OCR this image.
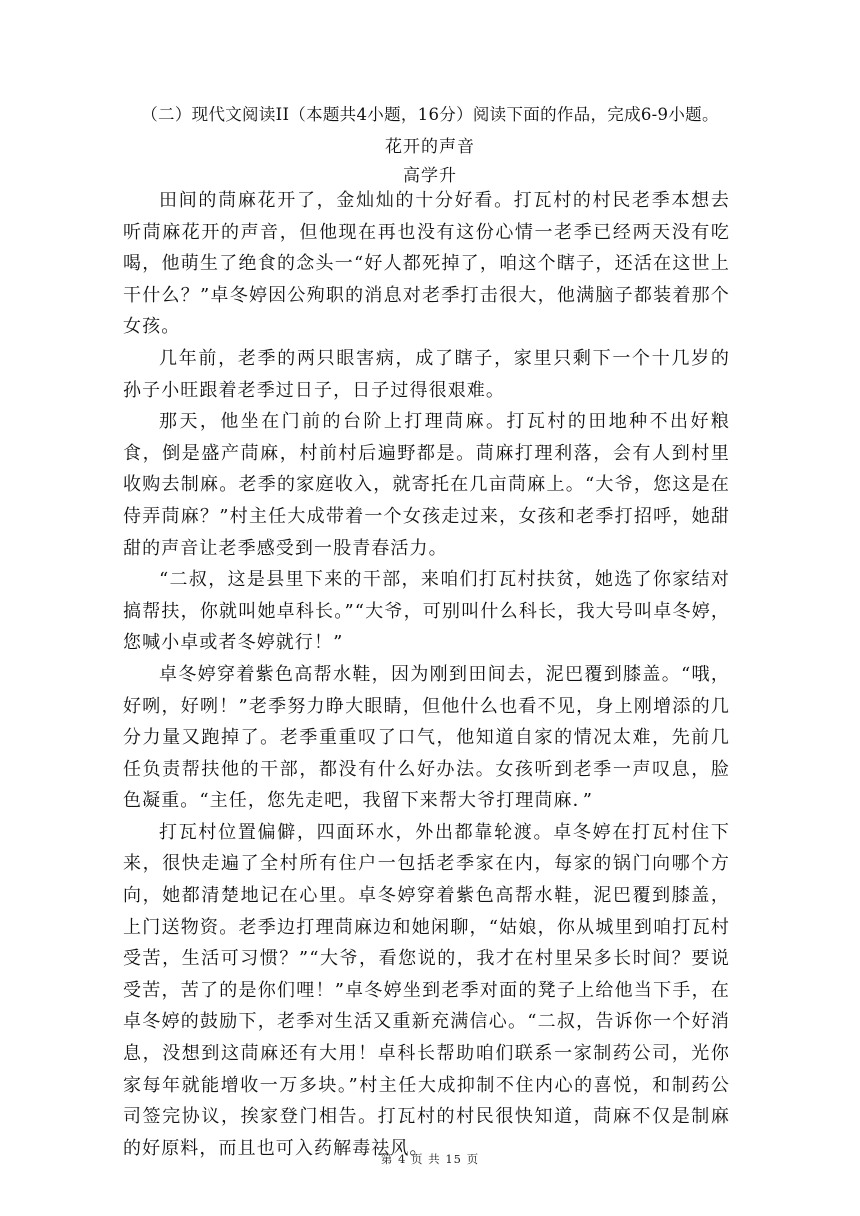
（二）现代文阅读II（本题共4小题，16分）阅读下面的作品，完成6-9小题。
花开的声音
高学升

田间的茼麻花开了，金灿灿的十分好看。打瓦村的村民老季本想去听茼麻花开的声音，但他现在再也没有这份心情一老季已经两天没有吃喝，他萌生了绝食的念头一“好人都死掉了，咱这个瞎子，还活在这世上干什么？”卓冬婷因公殉职的消息对老季打击很大，他满脑子都装着那个女孩。

几年前，老季的两只眼害病，成了瞎子，家里只剩下一个十几岁的孙子小旺跟着老季过日子，日子过得很艰难。

那天，他坐在门前的台阶上打理茼麻。打瓦村的田地种不出好粮食，倒是盛产茼麻，村前村后遍野都是。茼麻打理利落，会有人到村里收购去制麻。老季的家庭收入，就寄托在几亩茼麻上。“大爷，您这是在侍弄茼麻？”村主任大成带着一个女孩走过来，女孩和老季打招呼，她甜甜的声音让老季感受到一股青春活力。

“二叔，这是县里下来的干部，来咱们打瓦村扶贫，她选了你家结对搞帮扶，你就叫她卓科长。”“大爷，可别叫什么科长，我大号叫卓冬婷，您喊小卓或者冬婷就行！”

卓冬婷穿着紫色高帮水鞋，因为刚到田间去，泥巴覆到膝盖。“哦，好咧，好咧！”老季努力睁大眼睛，但他什么也看不见，身上刚增添的几分力量又跑掉了。老季重重叹了口气，他知道自家的情况太难，先前几任负责帮扶他的干部，都没有什么好办法。女孩听到老季一声叹息，脸色凝重。“主任，您先走吧，我留下来帮大爷打理茼麻．”

打瓦村位置偏僻，四面环水，外出都靠轮渡。卓冬婷在打瓦村住下来，很快走遍了全村所有住户一包括老季家在内，每家的锅门向哪个方向，她都清楚地记在心里。卓冬婷穿着紫色高帮水鞋，泥巴覆到膝盖，上门送物资。老季边打理茼麻边和她闲聊，“姑娘，你从城里到咱打瓦村受苦，生活可习惯？”“大爷，看您说的，我才在村里呆多长时间？要说受苦，苦了的是你们哩！”卓冬婷坐到老季对面的凳子上给他当下手，在卓冬婷的鼓励下，老季对生活又重新充满信心。“二叔，告诉你一个好消息，没想到这茼麻还有大用！卓科长帮助咱们联系一家制药公司，光你家每年就能增收一万多块。”村主任大成抑制不住内心的喜悦，和制药公司签完协议，挨家登门相告。打瓦村的村民很快知道，茼麻不仅是制麻的好原料，而且也可入药解毒祛风。

第 4 页 共 15 页
